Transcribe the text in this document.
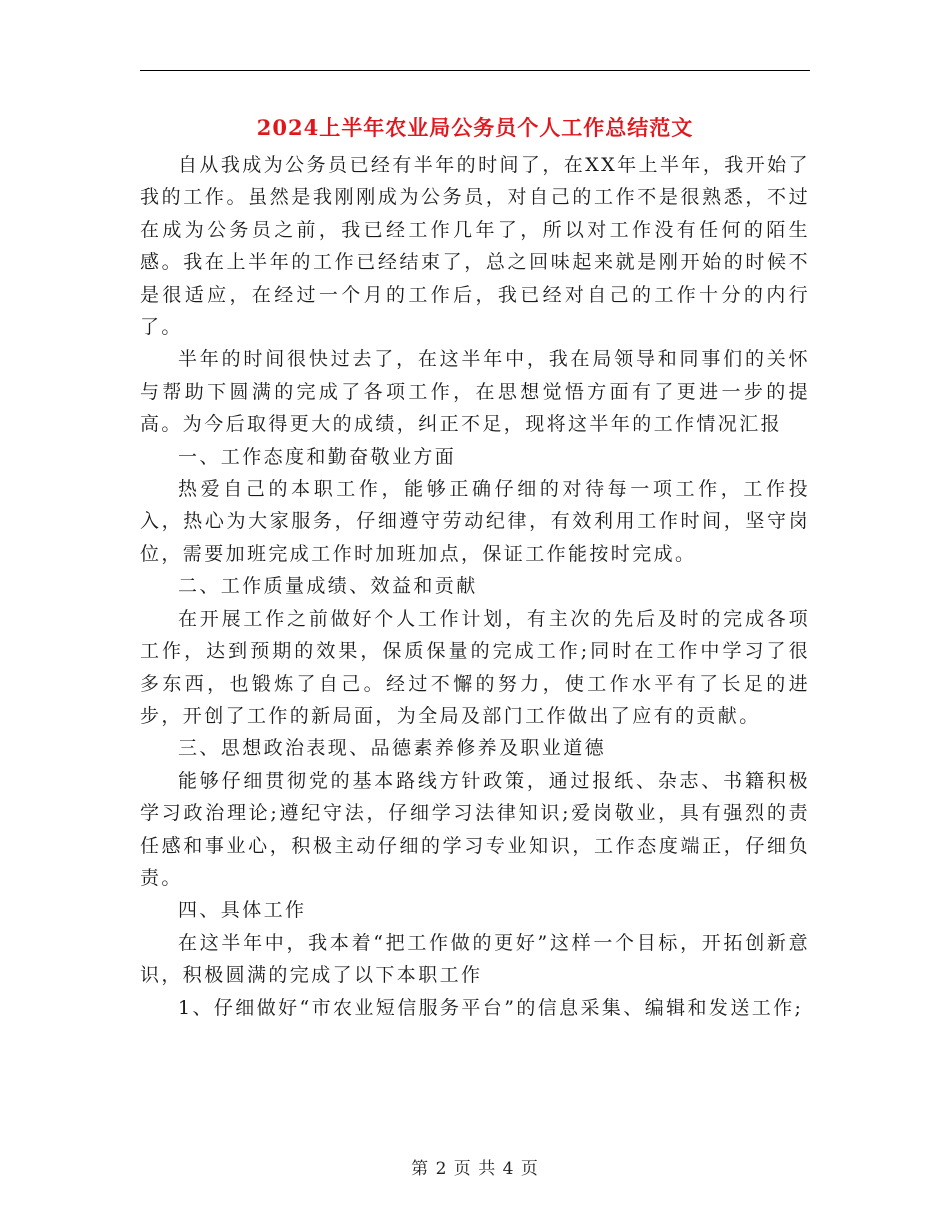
2024上半年农业局公务员个人工作总结范文

自从我成为公务员已经有半年的时间了，在XX年上半年，我开始了我的工作。虽然是我刚刚成为公务员，对自己的工作不是很熟悉，不过在成为公务员之前，我已经工作几年了，所以对工作没有任何的陌生感。我在上半年的工作已经结束了，总之回味起来就是刚开始的时候不是很适应，在经过一个月的工作后，我已经对自己的工作十分的内行了。

半年的时间很快过去了，在这半年中，我在局领导和同事们的关怀与帮助下圆满的完成了各项工作，在思想觉悟方面有了更进一步的提高。为今后取得更大的成绩，纠正不足，现将这半年的工作情况汇报

一、工作态度和勤奋敬业方面

热爱自己的本职工作，能够正确仔细的对待每一项工作，工作投入，热心为大家服务，仔细遵守劳动纪律，有效利用工作时间，坚守岗位，需要加班完成工作时加班加点，保证工作能按时完成。

二、工作质量成绩、效益和贡献

在开展工作之前做好个人工作计划，有主次的先后及时的完成各项工作，达到预期的效果，保质保量的完成工作;同时在工作中学习了很多东西，也锻炼了自己。经过不懈的努力，使工作水平有了长足的进步，开创了工作的新局面，为全局及部门工作做出了应有的贡献。

三、思想政治表现、品德素养修养及职业道德

能够仔细贯彻党的基本路线方针政策，通过报纸、杂志、书籍积极学习政治理论;遵纪守法，仔细学习法律知识;爱岗敬业，具有强烈的责任感和事业心，积极主动仔细的学习专业知识，工作态度端正，仔细负责。

四、具体工作

在这半年中，我本着“把工作做的更好”这样一个目标，开拓创新意识，积极圆满的完成了以下本职工作

1、仔细做好“市农业短信服务平台”的信息采集、编辑和发送工作;

第 2 页 共 4 页
